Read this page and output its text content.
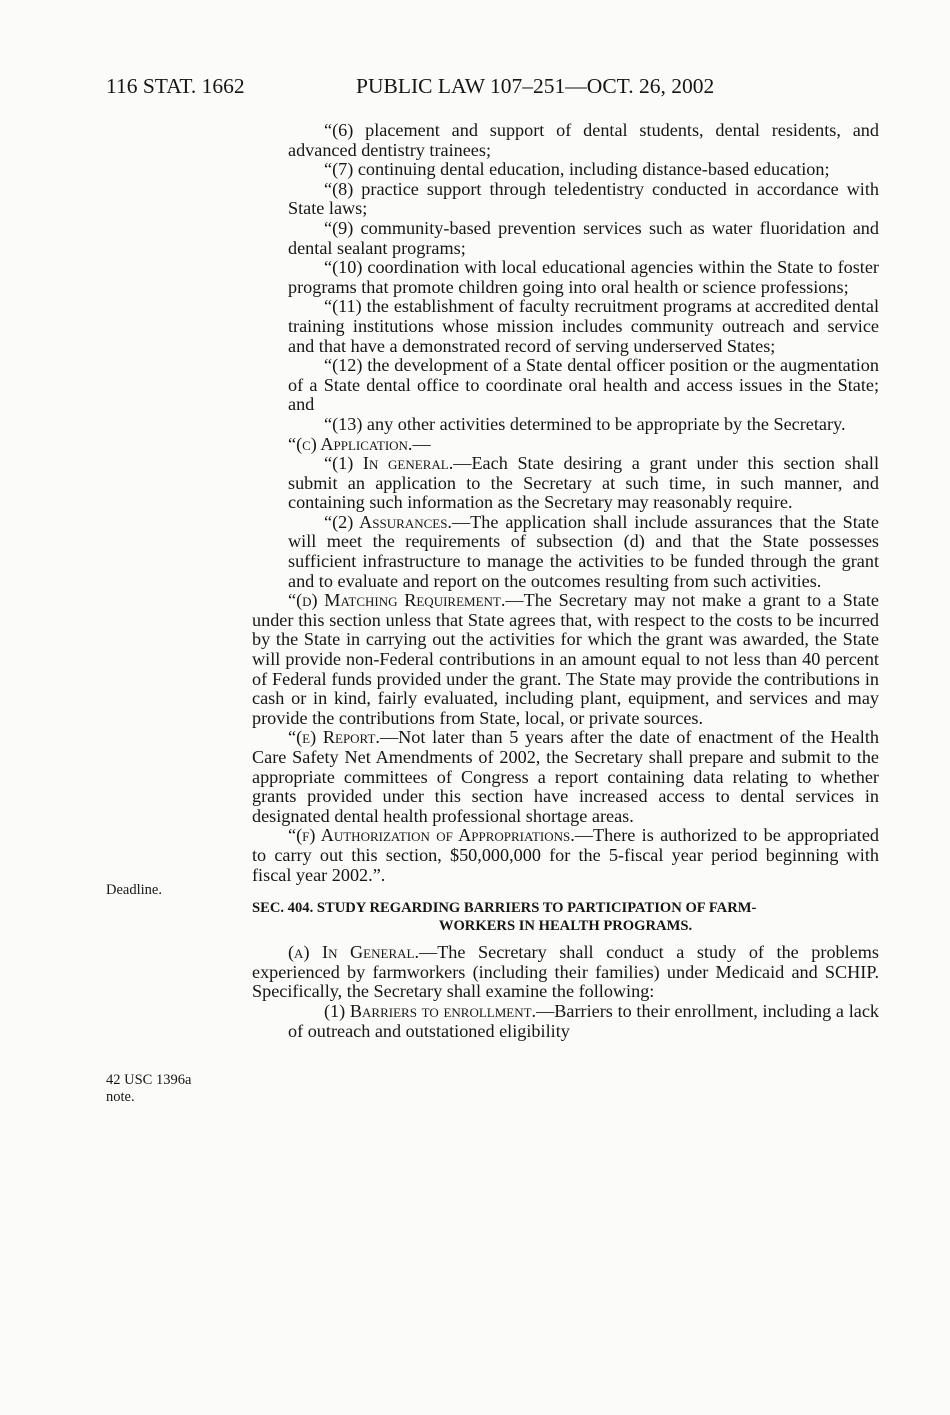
116 STAT. 1662	PUBLIC LAW 107–251—OCT. 26, 2002
Deadline.
42 USC 1396a
note.

“(6) placement and support of dental students, dental residents, and advanced dentistry trainees;

“(7) continuing dental education, including distance-based education;

“(8) practice support through teledentistry conducted in accordance with State laws;

“(9) community-based prevention services such as water fluoridation and dental sealant programs;

“(10) coordination with local educational agencies within the State to foster programs that promote children going into oral health or science professions;

“(11) the establishment of faculty recruitment programs at accredited dental training institutions whose mission includes community outreach and service and that have a demonstrated record of serving underserved States;

“(12) the development of a State dental officer position or the augmentation of a State dental office to coordinate oral health and access issues in the State; and

“(13) any other activities determined to be appropriate by the Secretary.

“(c) Application.—

“(1) In general.—Each State desiring a grant under this section shall submit an application to the Secretary at such time, in such manner, and containing such information as the Secretary may reasonably require.

“(2) Assurances.—The application shall include assurances that the State will meet the requirements of subsection (d) and that the State possesses sufficient infrastructure to manage the activities to be funded through the grant and to evaluate and report on the outcomes resulting from such activities.

“(d) Matching Requirement.—The Secretary may not make a grant to a State under this section unless that State agrees that, with respect to the costs to be incurred by the State in carrying out the activities for which the grant was awarded, the State will provide non-Federal contributions in an amount equal to not less than 40 percent of Federal funds provided under the grant. The State may provide the contributions in cash or in kind, fairly evaluated, including plant, equipment, and services and may provide the contributions from State, local, or private sources.

“(e) Report.—Not later than 5 years after the date of enactment of the Health Care Safety Net Amendments of 2002, the Secretary shall prepare and submit to the appropriate committees of Congress a report containing data relating to whether grants provided under this section have increased access to dental services in designated dental health professional shortage areas.

“(f) Authorization of Appropriations.—There is authorized to be appropriated to carry out this section, $50,000,000 for the 5-fiscal year period beginning with fiscal year 2002.”.

SEC. 404. STUDY REGARDING BARRIERS TO PARTICIPATION OF FARM-
WORKERS IN HEALTH PROGRAMS.

(a) In General.—The Secretary shall conduct a study of the problems experienced by farmworkers (including their families) under Medicaid and SCHIP. Specifically, the Secretary shall examine the following:

(1) Barriers to enrollment.—Barriers to their enrollment, including a lack of outreach and outstationed eligibility
